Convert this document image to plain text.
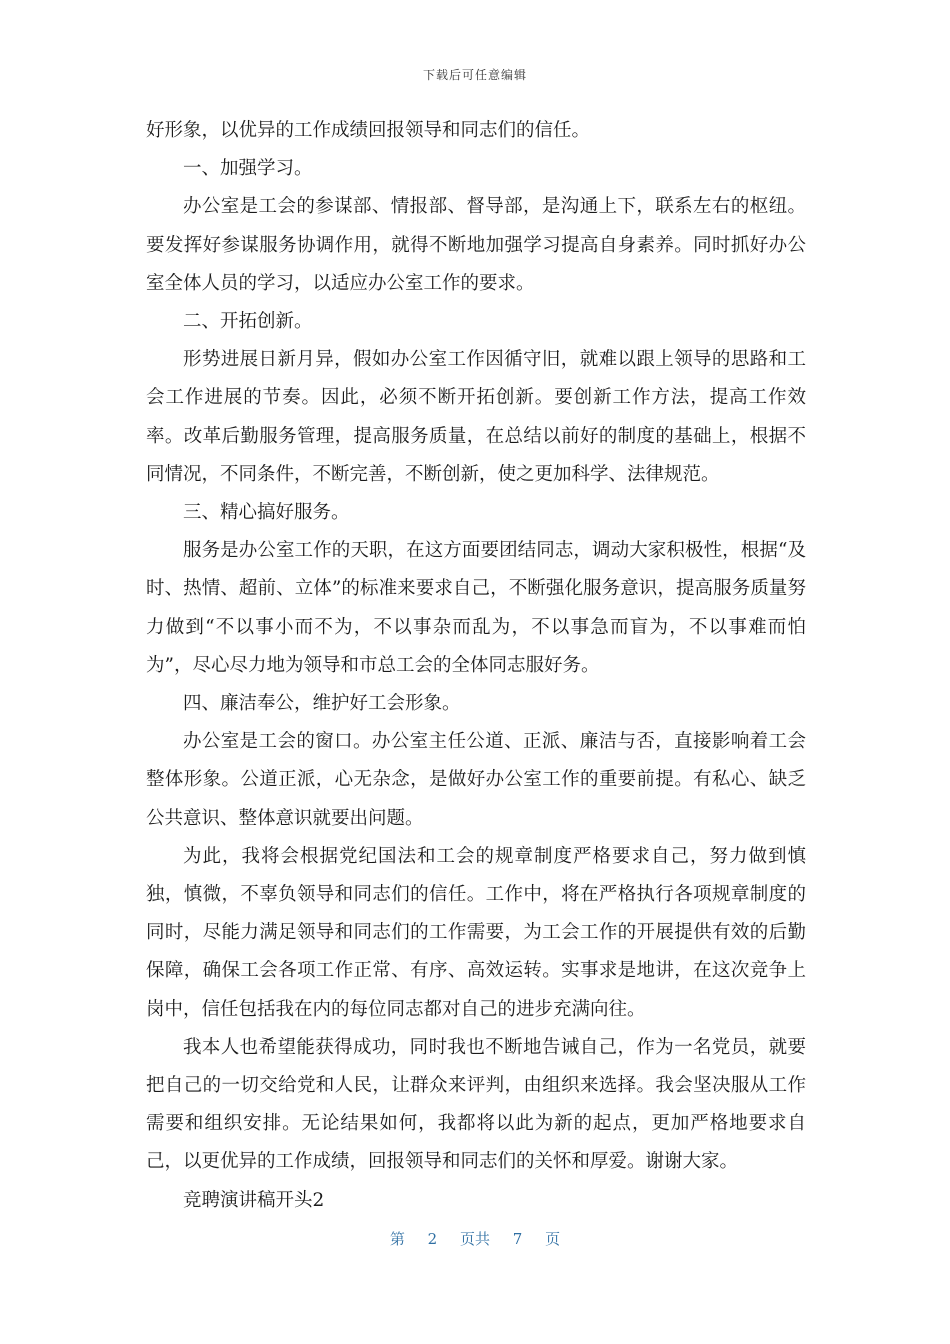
下载后可任意编辑

好形象，以优异的工作成绩回报领导和同志们的信任。

一、加强学习。

办公室是工会的参谋部、情报部、督导部，是沟通上下，联系左右的枢纽。要发挥好参谋服务协调作用，就得不断地加强学习提高自身素养。同时抓好办公室全体人员的学习，以适应办公室工作的要求。

二、开拓创新。

形势进展日新月异，假如办公室工作因循守旧，就难以跟上领导的思路和工会工作进展的节奏。因此，必须不断开拓创新。要创新工作方法，提高工作效率。改革后勤服务管理，提高服务质量，在总结以前好的制度的基础上，根据不同情况，不同条件，不断完善，不断创新，使之更加科学、法律规范。

三、精心搞好服务。

服务是办公室工作的天职，在这方面要团结同志，调动大家积极性，根据“及时、热情、超前、立体”的标准来要求自己，不断强化服务意识，提高服务质量努力做到“不以事小而不为，不以事杂而乱为，不以事急而盲为，不以事难而怕为”，尽心尽力地为领导和市总工会的全体同志服好务。

四、廉洁奉公，维护好工会形象。

办公室是工会的窗口。办公室主任公道、正派、廉洁与否，直接影响着工会整体形象。公道正派，心无杂念，是做好办公室工作的重要前提。有私心、缺乏公共意识、整体意识就要出问题。

为此，我将会根据党纪国法和工会的规章制度严格要求自己，努力做到慎独，慎微，不辜负领导和同志们的信任。工作中，将在严格执行各项规章制度的同时，尽能力满足领导和同志们的工作需要，为工会工作的开展提供有效的后勤保障，确保工会各项工作正常、有序、高效运转。实事求是地讲，在这次竞争上岗中，信任包括我在内的每位同志都对自己的进步充满向往。

我本人也希望能获得成功，同时我也不断地告诫自己，作为一名党员，就要把自己的一切交给党和人民，让群众来评判，由组织来选择。我会坚决服从工作需要和组织安排。无论结果如何，我都将以此为新的起点，更加严格地要求自己，以更优异的工作成绩，回报领导和同志们的关怀和厚爱。谢谢大家。

竞聘演讲稿开头2

第 2 页共 7 页
